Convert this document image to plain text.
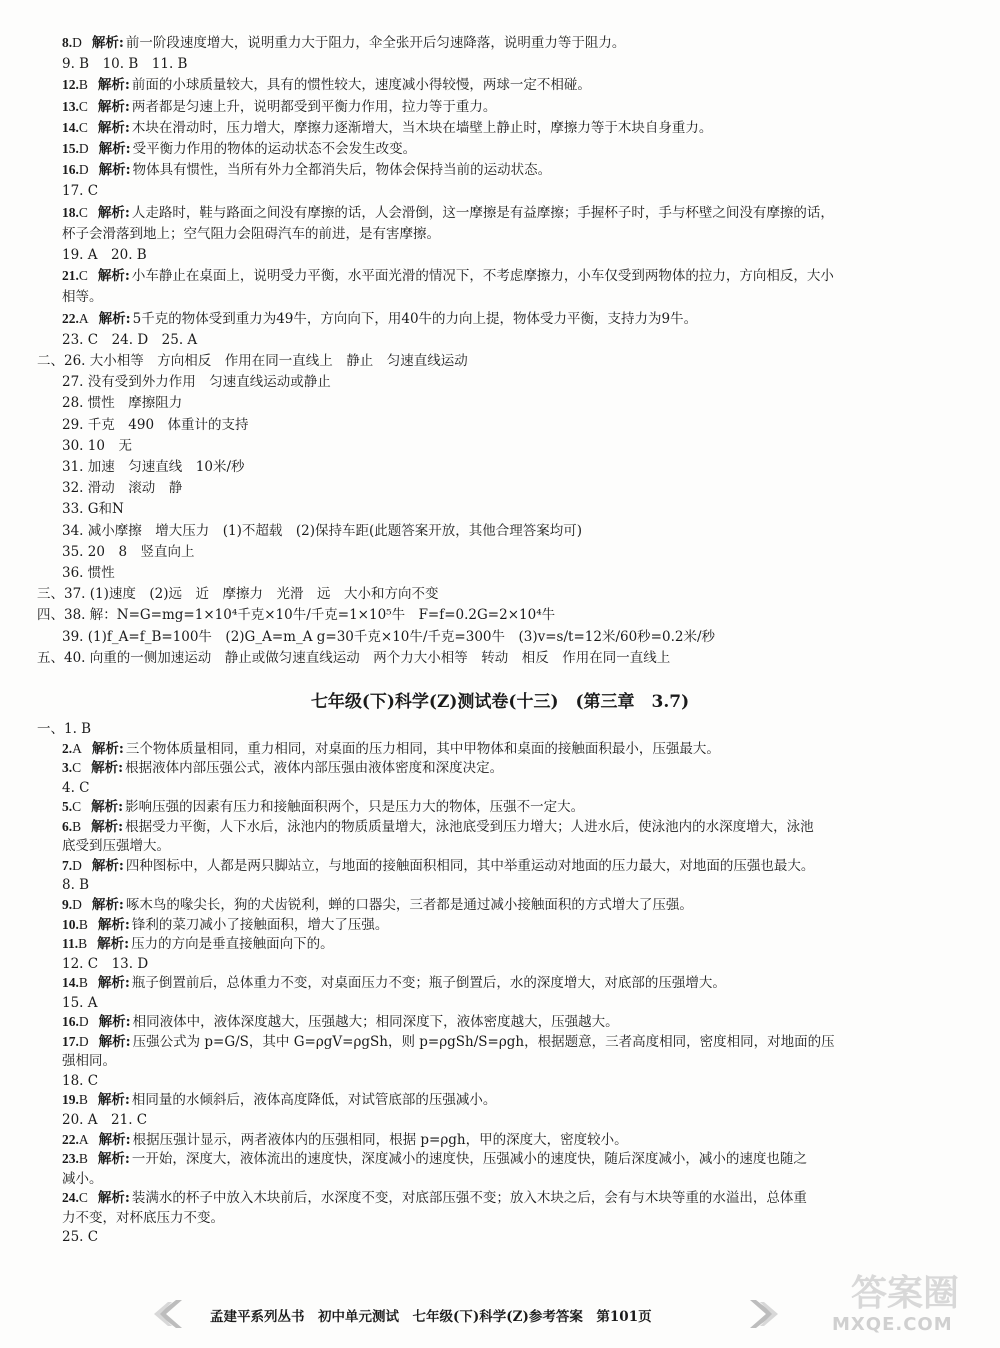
8.D 解析: 前一阶段速度增大，说明重力大于阻力，伞全张开后匀速降落，说明重力等于阻力。
9. B　10. B　11. B
12.B 解析: 前面的小球质量较大，具有的惯性较大，速度减小得较慢，两球一定不相碰。
13.C 解析: 两者都是匀速上升，说明都受到平衡力作用，拉力等于重力。
14.C 解析: 木块在滑动时，压力增大，摩擦力逐渐增大，当木块在墙壁上静止时，摩擦力等于木块自身重力。
15.D 解析: 受平衡力作用的物体的运动状态不会发生改变。
16.D 解析: 物体具有惯性，当所有外力全都消失后，物体会保持当前的运动状态。
17. C
18.C 解析: 人走路时，鞋与路面之间没有摩擦的话，人会滑倒，这一摩擦是有益摩擦；手握杯子时，手与杯壁之间没有摩擦的话，
杯子会滑落到地上；空气阻力会阻碍汽车的前进，是有害摩擦。
19. A　20. B
21.C 解析: 小车静止在桌面上，说明受力平衡，水平面光滑的情况下，不考虑摩擦力，小车仅受到两物体的拉力，方向相反，大小
相等。
22.A 解析: 5千克的物体受到重力为49牛，方向向下，用40牛的力向上提，物体受力平衡，支持力为9牛。
23. C　24. D　25. A
二、26. 大小相等　方向相反　作用在同一直线上　静止　匀速直线运动
27. 没有受到外力作用　匀速直线运动或静止
28. 惯性　摩擦阻力
29. 千克　490　体重计的支持
30. 10　无
31. 加速　匀速直线　10米/秒
32. 滑动　滚动　静
33. G和N
34. 减小摩擦　增大压力　(1)不超载　(2)保持车距(此题答案开放，其他合理答案均可)
35. 20　8　竖直向上
36. 惯性
三、37. (1)速度　(2)远　近　摩擦力　光滑　远　大小和方向不变
四、38. 解：N=G=mg=1×10⁴千克×10牛/千克=1×10⁵牛　F=f=0.2G=2×10⁴牛
39. (1)f_A=f_B=100牛　(2)G_A=m_A g=30千克×10牛/千克=300牛　(3)v=s/t=12米/60秒=0.2米/秒
五、40. 向重的一侧加速运动　静止或做匀速直线运动　两个力大小相等　转动　相反　作用在同一直线上
七年级(下)科学(Z)测试卷(十三)　(第三章　3.7)
一、1. B
2.A 解析: 三个物体质量相同，重力相同，对桌面的压力相同，其中甲物体和桌面的接触面积最小，压强最大。
3.C 解析: 根据液体内部压强公式，液体内部压强由液体密度和深度决定。
4. C
5.C 解析: 影响压强的因素有压力和接触面积两个，只是压力大的物体，压强不一定大。
6.B 解析: 根据受力平衡，人下水后，泳池内的物质质量增大，泳池底受到压力增大；人进水后，使泳池内的水深度增大，泳池
底受到压强增大。
7.D 解析: 四种图标中，人都是两只脚站立，与地面的接触面积相同，其中举重运动对地面的压力最大，对地面的压强也最大。
8. B
9.D 解析: 啄木鸟的喙尖长，狗的犬齿锐利，蝉的口器尖，三者都是通过减小接触面积的方式增大了压强。
10.B 解析: 锋利的菜刀减小了接触面积，增大了压强。
11.B 解析: 压力的方向是垂直接触面向下的。
12. C　13. D
14.B 解析: 瓶子倒置前后，总体重力不变，对桌面压力不变；瓶子倒置后，水的深度增大，对底部的压强增大。
15. A
16.D 解析: 相同液体中，液体深度越大，压强越大；相同深度下，液体密度越大，压强越大。
17.D 解析: 压强公式为 p=G/S，其中 G=ρgV=ρgSh，则 p=ρgSh/S=ρgh，根据题意，三者高度相同，密度相同，对地面的压
强相同。
18. C
19.B 解析: 相同量的水倾斜后，液体高度降低，对试管底部的压强减小。
20. A　21. C
22.A 解析: 根据压强计显示，两者液体内的压强相同，根据 p=ρgh，甲的深度大，密度较小。
23.B 解析: 一开始，深度大，液体流出的速度快，深度减小的速度快，压强减小的速度快，随后深度减小，减小的速度也随之
减小。
24.C 解析: 装满水的杯子中放入木块前后，水深度不变，对底部压强不变；放入木块之后，会有与木块等重的水溢出，总体重
力不变，对杯底压力不变。
25. C
孟建平系列丛书　初中单元测试　七年级(下)科学(Z)参考答案　第101页
答案圈
MXQE.COM
